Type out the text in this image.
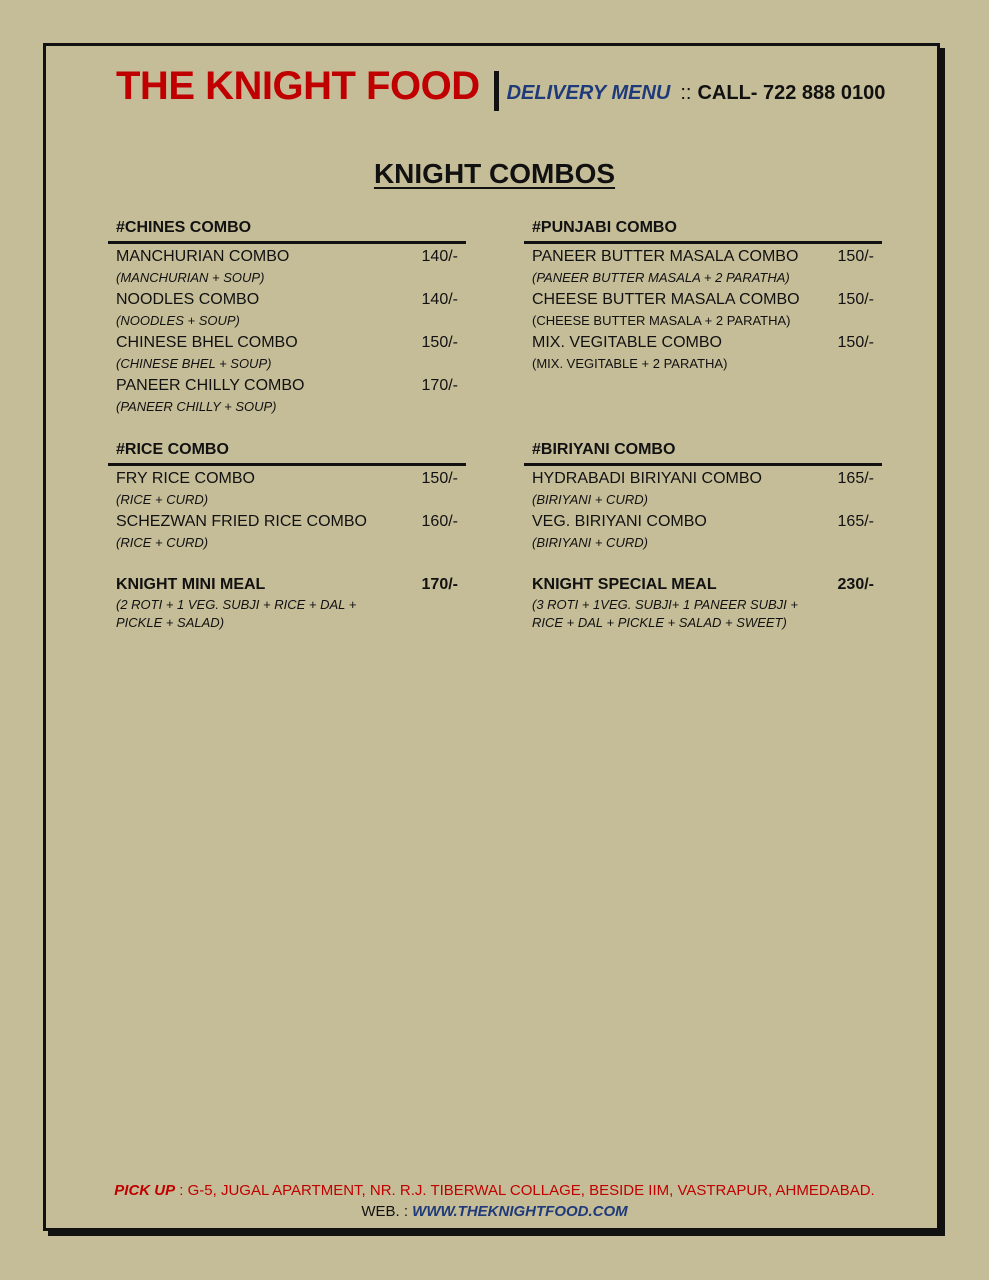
THE KNIGHT FOOD DELIVERY MENU :: CALL- 722 888 0100
KNIGHT COMBOS
#CHINES COMBO
MANCHURIAN COMBO	140/-
(MANCHURIAN + SOUP)
NOODLES COMBO	140/-
(NOODLES + SOUP)
CHINESE BHEL COMBO	150/-
(CHINESE BHEL + SOUP)
PANEER CHILLY COMBO	170/-
(PANEER CHILLY + SOUP)
#PUNJABI COMBO
PANEER BUTTER MASALA COMBO 150/-
(PANEER BUTTER MASALA + 2 PARATHA)
CHEESE BUTTER MASALA COMBO 150/-
(CHEESE BUTTER MASALA + 2 PARATHA)
MIX. VEGITABLE COMBO	150/-
(MIX. VEGITABLE + 2 PARATHA)
#RICE COMBO
FRY RICE COMBO	150/-
(RICE + CURD)
SCHEZWAN FRIED RICE COMBO	160/-
(RICE + CURD)
#BIRIYANI COMBO
HYDRABADI BIRIYANI COMBO	165/-
(BIRIYANI + CURD)
VEG. BIRIYANI COMBO	165/-
(BIRIYANI + CURD)
KNIGHT MINI MEAL	170/-
(2 ROTI + 1 VEG. SUBJI + RICE + DAL + PICKLE + SALAD)
KNIGHT SPECIAL MEAL	230/-
(3 ROTI + 1VEG. SUBJI+ 1 PANEER SUBJI + RICE + DAL + PICKLE + SALAD + SWEET)
PICK UP : G-5, JUGAL APARTMENT, NR. R.J. TIBERWAL COLLAGE, BESIDE IIM, VASTRAPUR, AHMEDABAD.
WEB. : WWW.THEKNIGHTFOOD.COM
